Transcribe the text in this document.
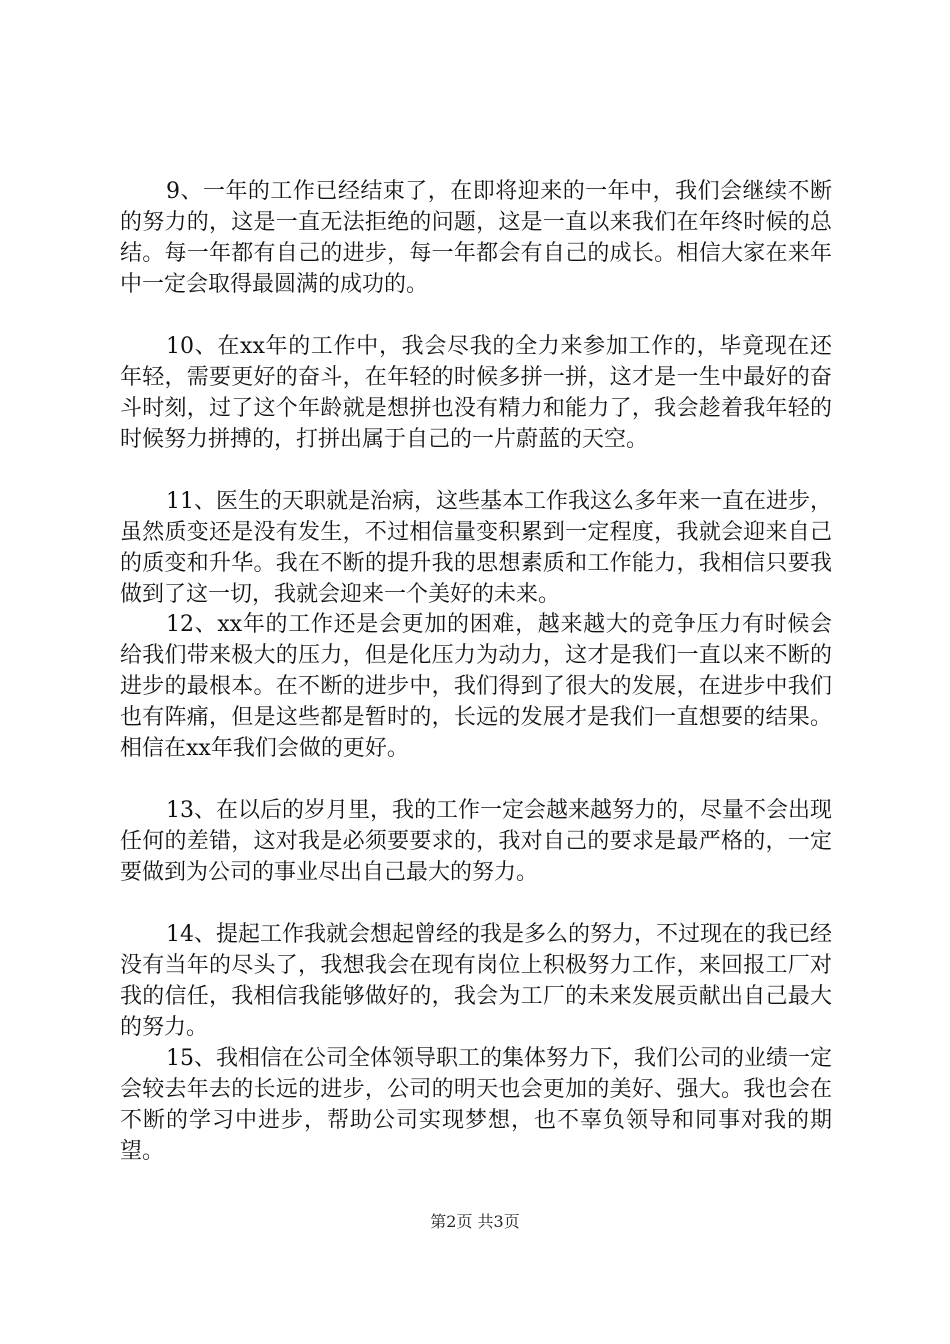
9、一年的工作已经结束了，在即将迎来的一年中，我们会继续不断的努力的，这是一直无法拒绝的问题，这是一直以来我们在年终时候的总结。每一年都有自己的进步，每一年都会有自己的成长。相信大家在来年中一定会取得最圆满的成功的。

10、在xx年的工作中，我会尽我的全力来参加工作的，毕竟现在还年轻，需要更好的奋斗，在年轻的时候多拼一拼，这才是一生中最好的奋斗时刻，过了这个年龄就是想拼也没有精力和能力了，我会趁着我年轻的时候努力拼搏的，打拼出属于自己的一片蔚蓝的天空。

11、医生的天职就是治病，这些基本工作我这么多年来一直在进步，虽然质变还是没有发生，不过相信量变积累到一定程度，我就会迎来自己的质变和升华。我在不断的提升我的思想素质和工作能力，我相信只要我做到了这一切，我就会迎来一个美好的未来。

12、xx年的工作还是会更加的困难，越来越大的竞争压力有时候会给我们带来极大的压力，但是化压力为动力，这才是我们一直以来不断的进步的最根本。在不断的进步中，我们得到了很大的发展，在进步中我们也有阵痛，但是这些都是暂时的，长远的发展才是我们一直想要的结果。相信在xx年我们会做的更好。

13、在以后的岁月里，我的工作一定会越来越努力的，尽量不会出现任何的差错，这对我是必须要要求的，我对自己的要求是最严格的，一定要做到为公司的事业尽出自己最大的努力。

14、提起工作我就会想起曾经的我是多么的努力，不过现在的我已经没有当年的尽头了，我想我会在现有岗位上积极努力工作，来回报工厂对我的信任，我相信我能够做好的，我会为工厂的未来发展贡献出自己最大的努力。

15、我相信在公司全体领导职工的集体努力下，我们公司的业绩一定会较去年去的长远的进步，公司的明天也会更加的美好、强大。我也会在不断的学习中进步，帮助公司实现梦想，也不辜负领导和同事对我的期望。

第2页 共3页
